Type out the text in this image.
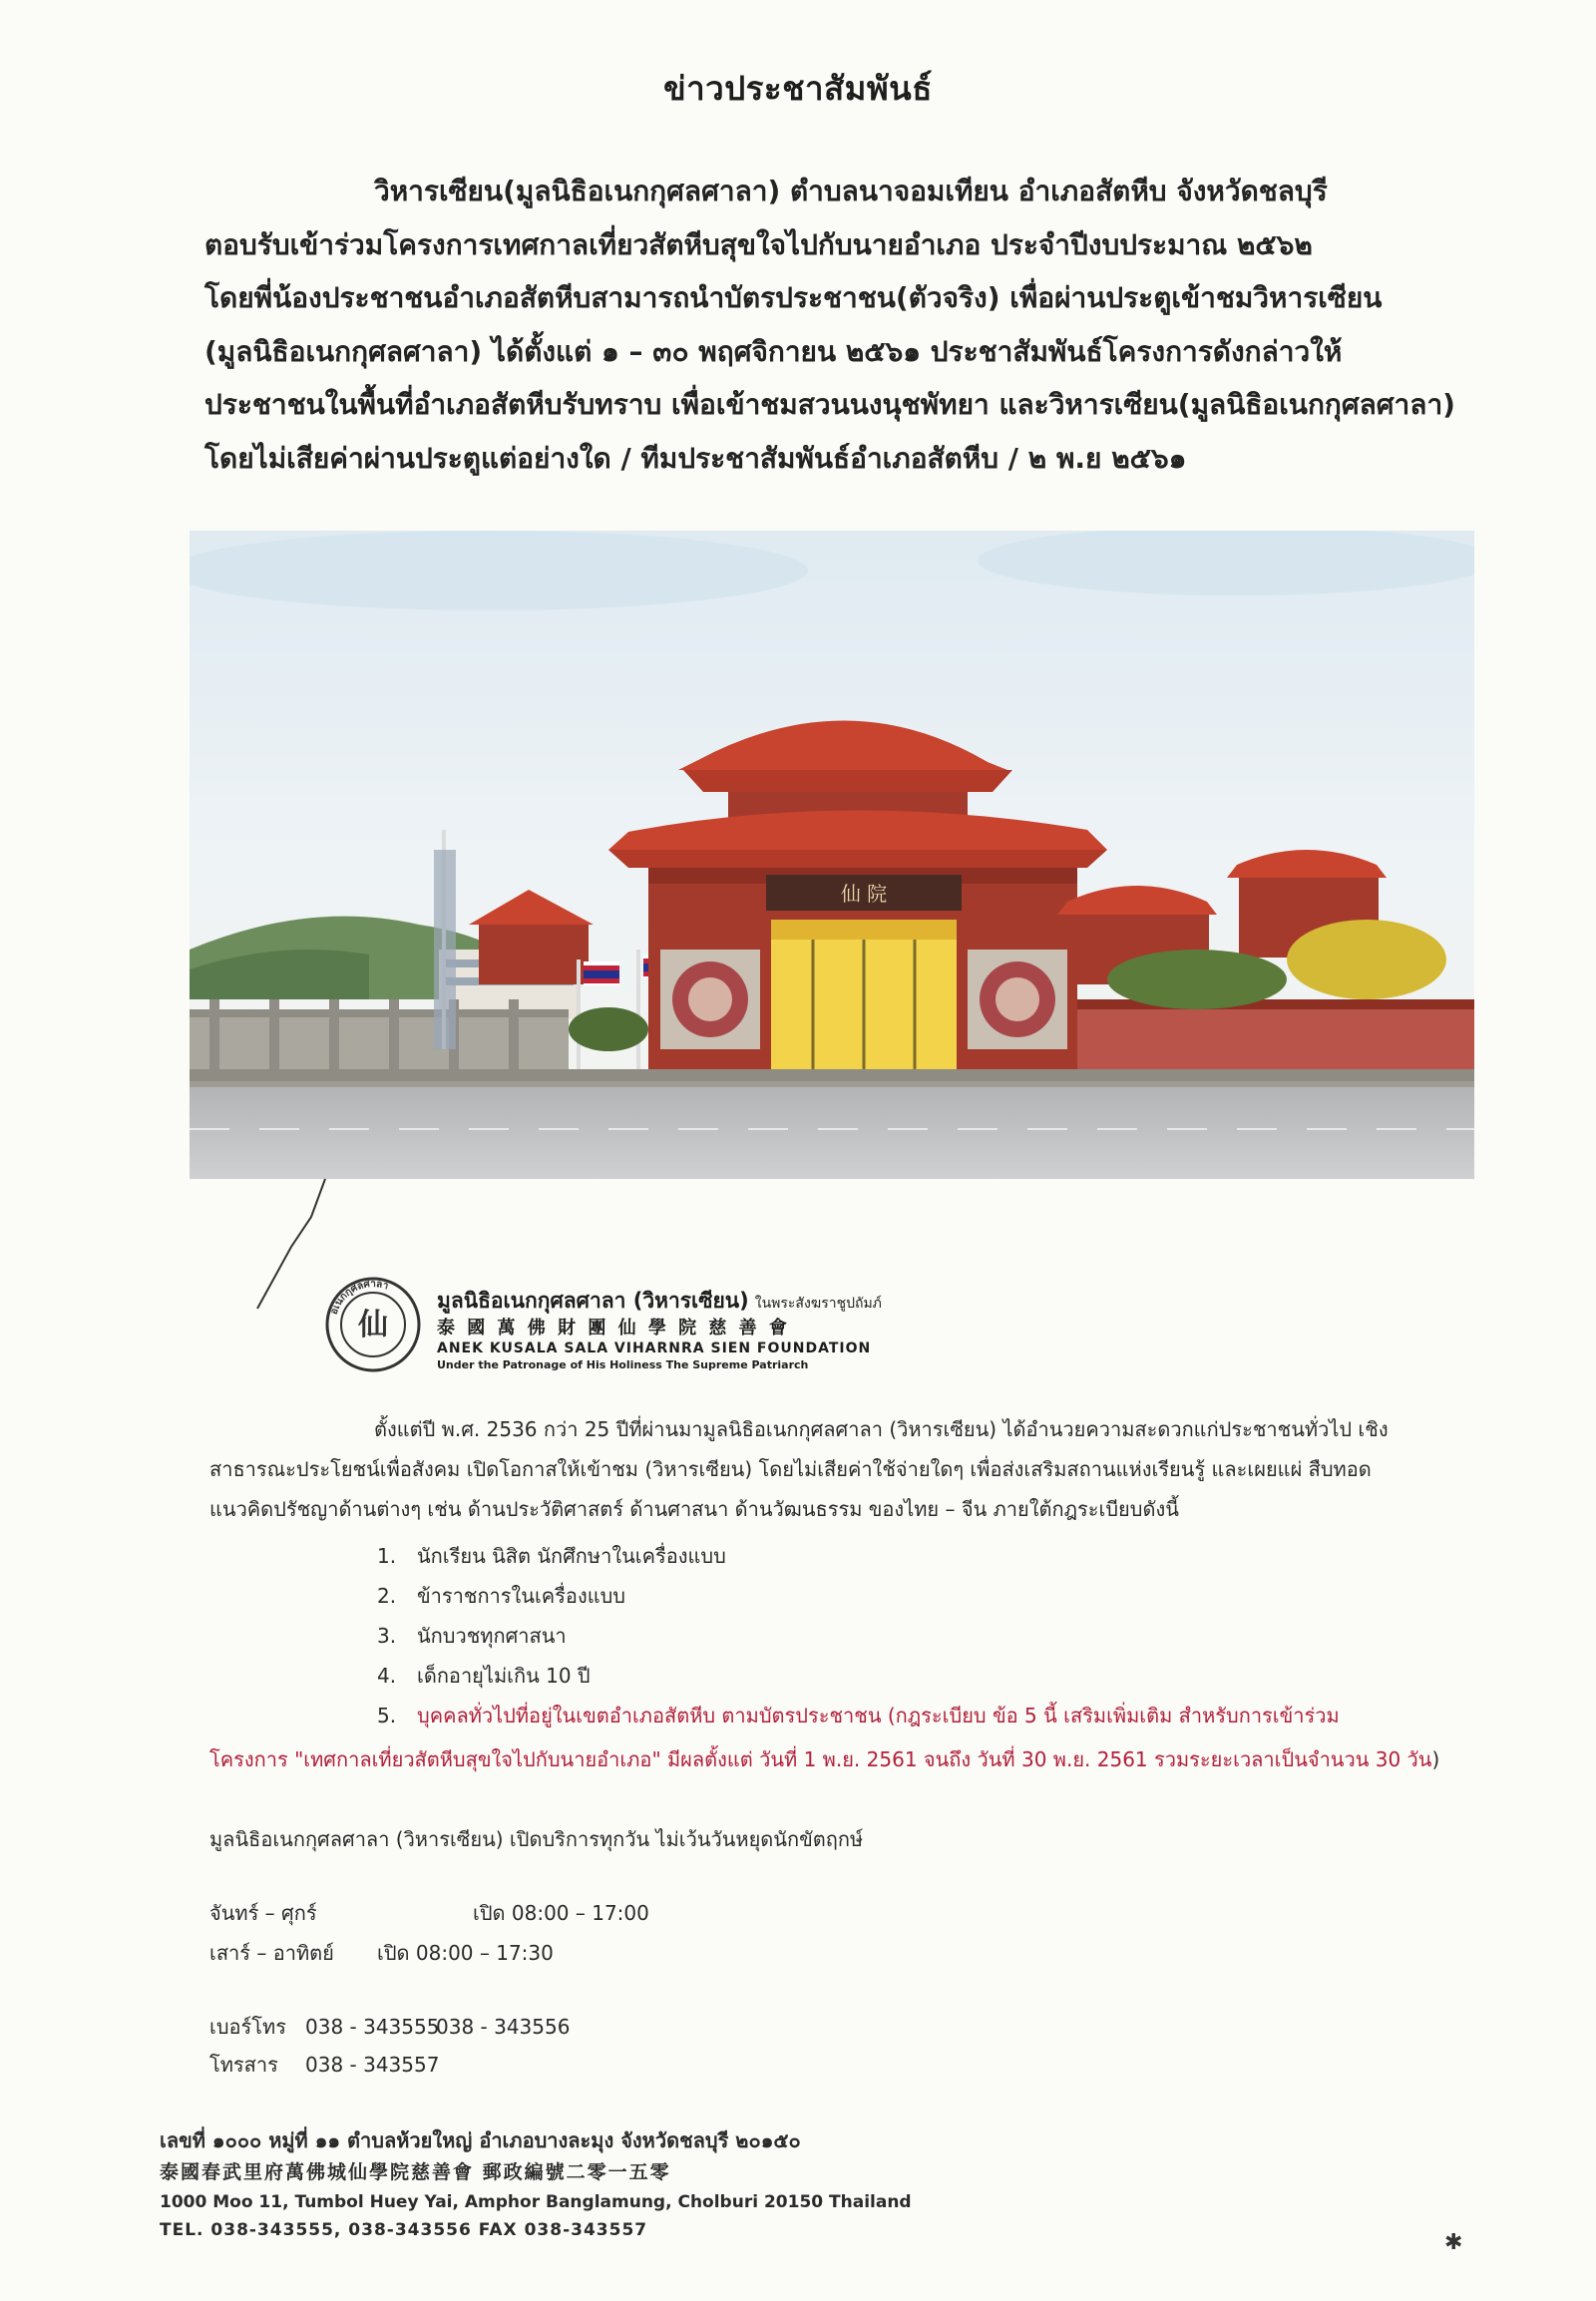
ข่าวประชาสัมพันธ์
วิหารเซียน(มูลนิธิอเนกกุศลศาลา) ตำบลนาจอมเทียน อำเภอสัตหีบ จังหวัดชลบุรี
ตอบรับเข้าร่วมโครงการเทศกาลเที่ยวสัตหีบสุขใจไปกับนายอำเภอ ประจำปีงบประมาณ ๒๕๖๒
โดยพี่น้องประชาชนอำเภอสัตหีบสามารถนำบัตรประชาชน(ตัวจริง) เพื่อผ่านประตูเข้าชมวิหารเซียน
(มูลนิธิอเนกกุศลศาลา) ได้ตั้งแต่ ๑ – ๓๐ พฤศจิกายน ๒๕๖๑ ประชาสัมพันธ์โครงการดังกล่าวให้
ประชาชนในพื้นที่อำเภอสัตหีบรับทราบ เพื่อเข้าชมสวนนงนุชพัทยา และวิหารเซียน(มูลนิธิอเนกกุศลศาลา)
โดยไม่เสียค่าผ่านประตูแต่อย่างใด / ทีมประชาสัมพันธ์อำเภอสัตหีบ / ๒ พ.ย ๒๕๖๑
仙 院
อเนกกุศลศาลา
仙
มูลนิธิอเนกกุศลศาลา (วิหารเซียน) ในพระสังฆราชูปถัมภ์
泰 國 萬 佛 財 團 仙 學 院 慈 善 會
ANEK KUSALA SALA VIHARNRA SIEN FOUNDATION
Under the Patronage of His Holiness The Supreme Patriarch
ตั้งแต่ปี พ.ศ. 2536 กว่า 25 ปีที่ผ่านมามูลนิธิอเนกกุศลศาลา (วิหารเซียน) ได้อำนวยความสะดวกแก่ประชาชนทั่วไป เชิง
สาธารณะประโยชน์เพื่อสังคม เปิดโอกาสให้เข้าชม (วิหารเซียน) โดยไม่เสียค่าใช้จ่ายใดๆ เพื่อส่งเสริมสถานแห่งเรียนรู้ และเผยแผ่ สืบทอด
แนวคิดปรัชญาด้านต่างๆ เช่น ด้านประวัติศาสตร์ ด้านศาสนา ด้านวัฒนธรรม ของไทย – จีน ภายใต้กฎระเบียบดังนี้
1. นักเรียน นิสิต นักศึกษาในเครื่องแบบ
2. ข้าราชการในเครื่องแบบ
3. นักบวชทุกศาสนา
4. เด็กอายุไม่เกิน 10 ปี
5. บุคคลทั่วไปที่อยู่ในเขตอำเภอสัตหีบ ตามบัตรประชาชน (กฎระเบียบ ข้อ 5 นี้ เสริมเพิ่มเติม สำหรับการเข้าร่วม
โครงการ "เทศกาลเที่ยวสัตหีบสุขใจไปกับนายอำเภอ" มีผลตั้งแต่ วันที่ 1 พ.ย. 2561 จนถึง วันที่ 30 พ.ย. 2561 รวมระยะเวลาเป็นจำนวน 30 วัน)
มูลนิธิอเนกกุศลศาลา (วิหารเซียน) เปิดบริการทุกวัน ไม่เว้นวันหยุดนักขัตฤกษ์
จันทร์ – ศุกร์	เปิด 08:00 – 17:00
เสาร์ – อาทิตย์ เปิด 08:00 – 17:30
เบอร์โทร 038 - 343555
038 - 343556
โทรสาร 038 - 343557
เลขที่ ๑๐๐๐ หมู่ที่ ๑๑ ตำบลห้วยใหญ่ อำเภอบางละมุง จังหวัดชลบุรี ๒๐๑๕๐
泰國春武里府萬佛城仙學院慈善會 郵政編號二零一五零
1000 Moo 11, Tumbol Huey Yai, Amphor Banglamung, Cholburi 20150 Thailand
TEL. 038-343555, 038-343556 FAX 038-343557	✱
